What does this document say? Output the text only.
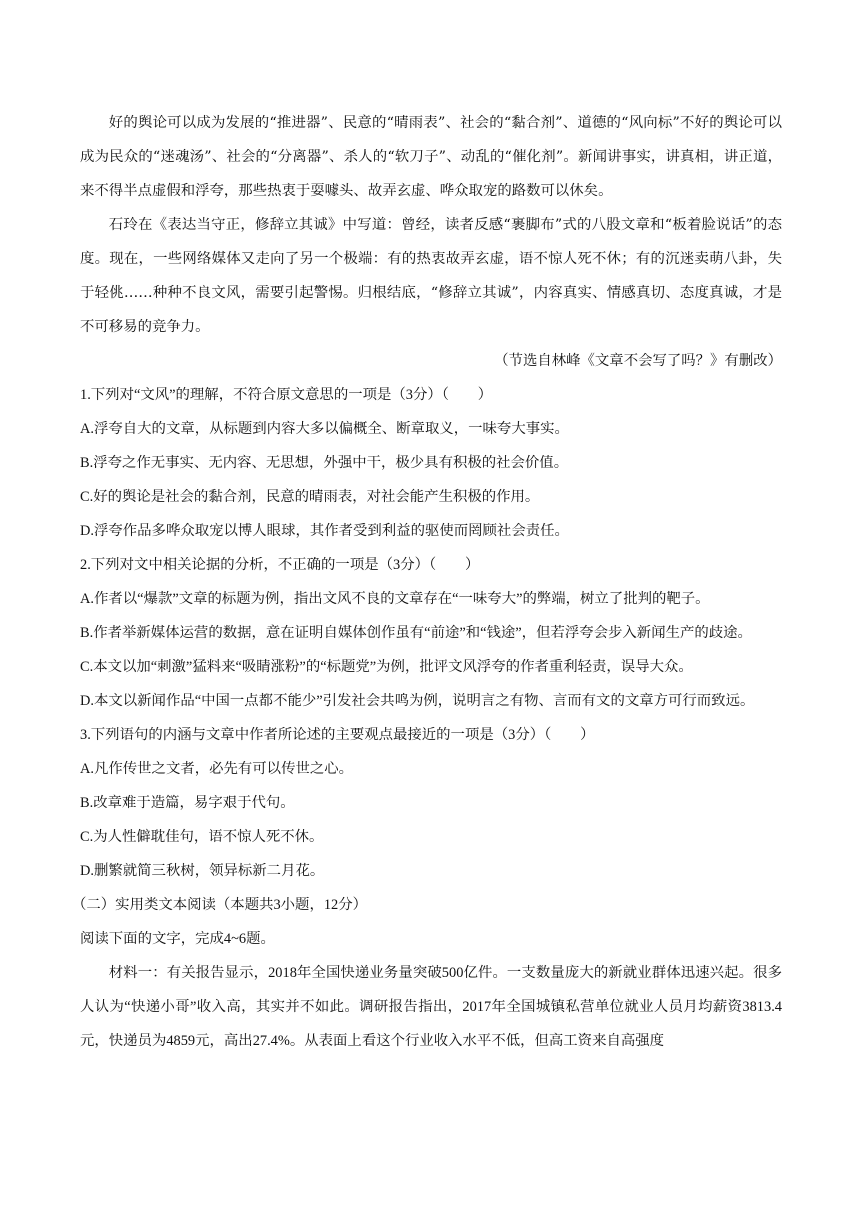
好的舆论可以成为发展的“推进器”、民意的“晴雨表”、社会的“黏合剂”、道德的“风向标”不好的舆论可以成为民众的“迷魂汤”、社会的“分离器”、杀人的“软刀子”、动乱的“催化剂”。新闻讲事实，讲真相，讲正道，来不得半点虚假和浮夸，那些热衷于耍噱头、故弄玄虚、哗众取宠的路数可以休矣。

石玲在《表达当守正，修辞立其诚》中写道：曾经，读者反感“裹脚布”式的八股文章和“板着脸说话”的态度。现在，一些网络媒体又走向了另一个极端：有的热衷故弄玄虚，语不惊人死不休；有的沉迷卖萌八卦，失于轻佻……种种不良文风，需要引起警惕。归根结底，“修辞立其诚”，内容真实、情感真切、态度真诚，才是不可移易的竞争力。

（节选自林峰《文章不会写了吗？》有删改）

1.下列对“文风”的理解，不符合原文意思的一项是（3分）（　　）

A.浮夸自大的文章，从标题到内容大多以偏概全、断章取义，一味夸大事实。

B.浮夸之作无事实、无内容、无思想，外强中干，极少具有积极的社会价值。

C.好的舆论是社会的黏合剂，民意的晴雨表，对社会能产生积极的作用。

D.浮夸作品多哗众取宠以博人眼球，其作者受到利益的驱使而罔顾社会责任。

2.下列对文中相关论据的分析，不正确的一项是（3分）（　　）

A.作者以“爆款”文章的标题为例，指出文风不良的文章存在“一味夸大”的弊端，树立了批判的靶子。

B.作者举新媒体运营的数据，意在证明自媒体创作虽有“前途”和“钱途”，但若浮夸会步入新闻生产的歧途。

C.本文以加“刺激”猛料来“吸睛涨粉”的“标题党”为例，批评文风浮夸的作者重利轻责，误导大众。

D.本文以新闻作品“中国一点都不能少”引发社会共鸣为例，说明言之有物、言而有文的文章方可行而致远。

3.下列语句的内涵与文章中作者所论述的主要观点最接近的一项是（3分）（　　）

A.凡作传世之文者，必先有可以传世之心。

B.改章难于造篇，易字艰于代句。

C.为人性僻耽佳句，语不惊人死不休。

D.删繁就简三秋树，领异标新二月花。

（二）实用类文本阅读（本题共3小题，12分）

阅读下面的文字，完成4~6题。

材料一：有关报告显示，2018年全国快递业务量突破500亿件。一支数量庞大的新就业群体迅速兴起。很多人认为“快递小哥”收入高，其实并不如此。调研报告指出，2017年全国城镇私营单位就业人员月均薪资3813.4元，快递员为4859元，高出27.4%。从表面上看这个行业收入水平不低，但高工资来自高强度
